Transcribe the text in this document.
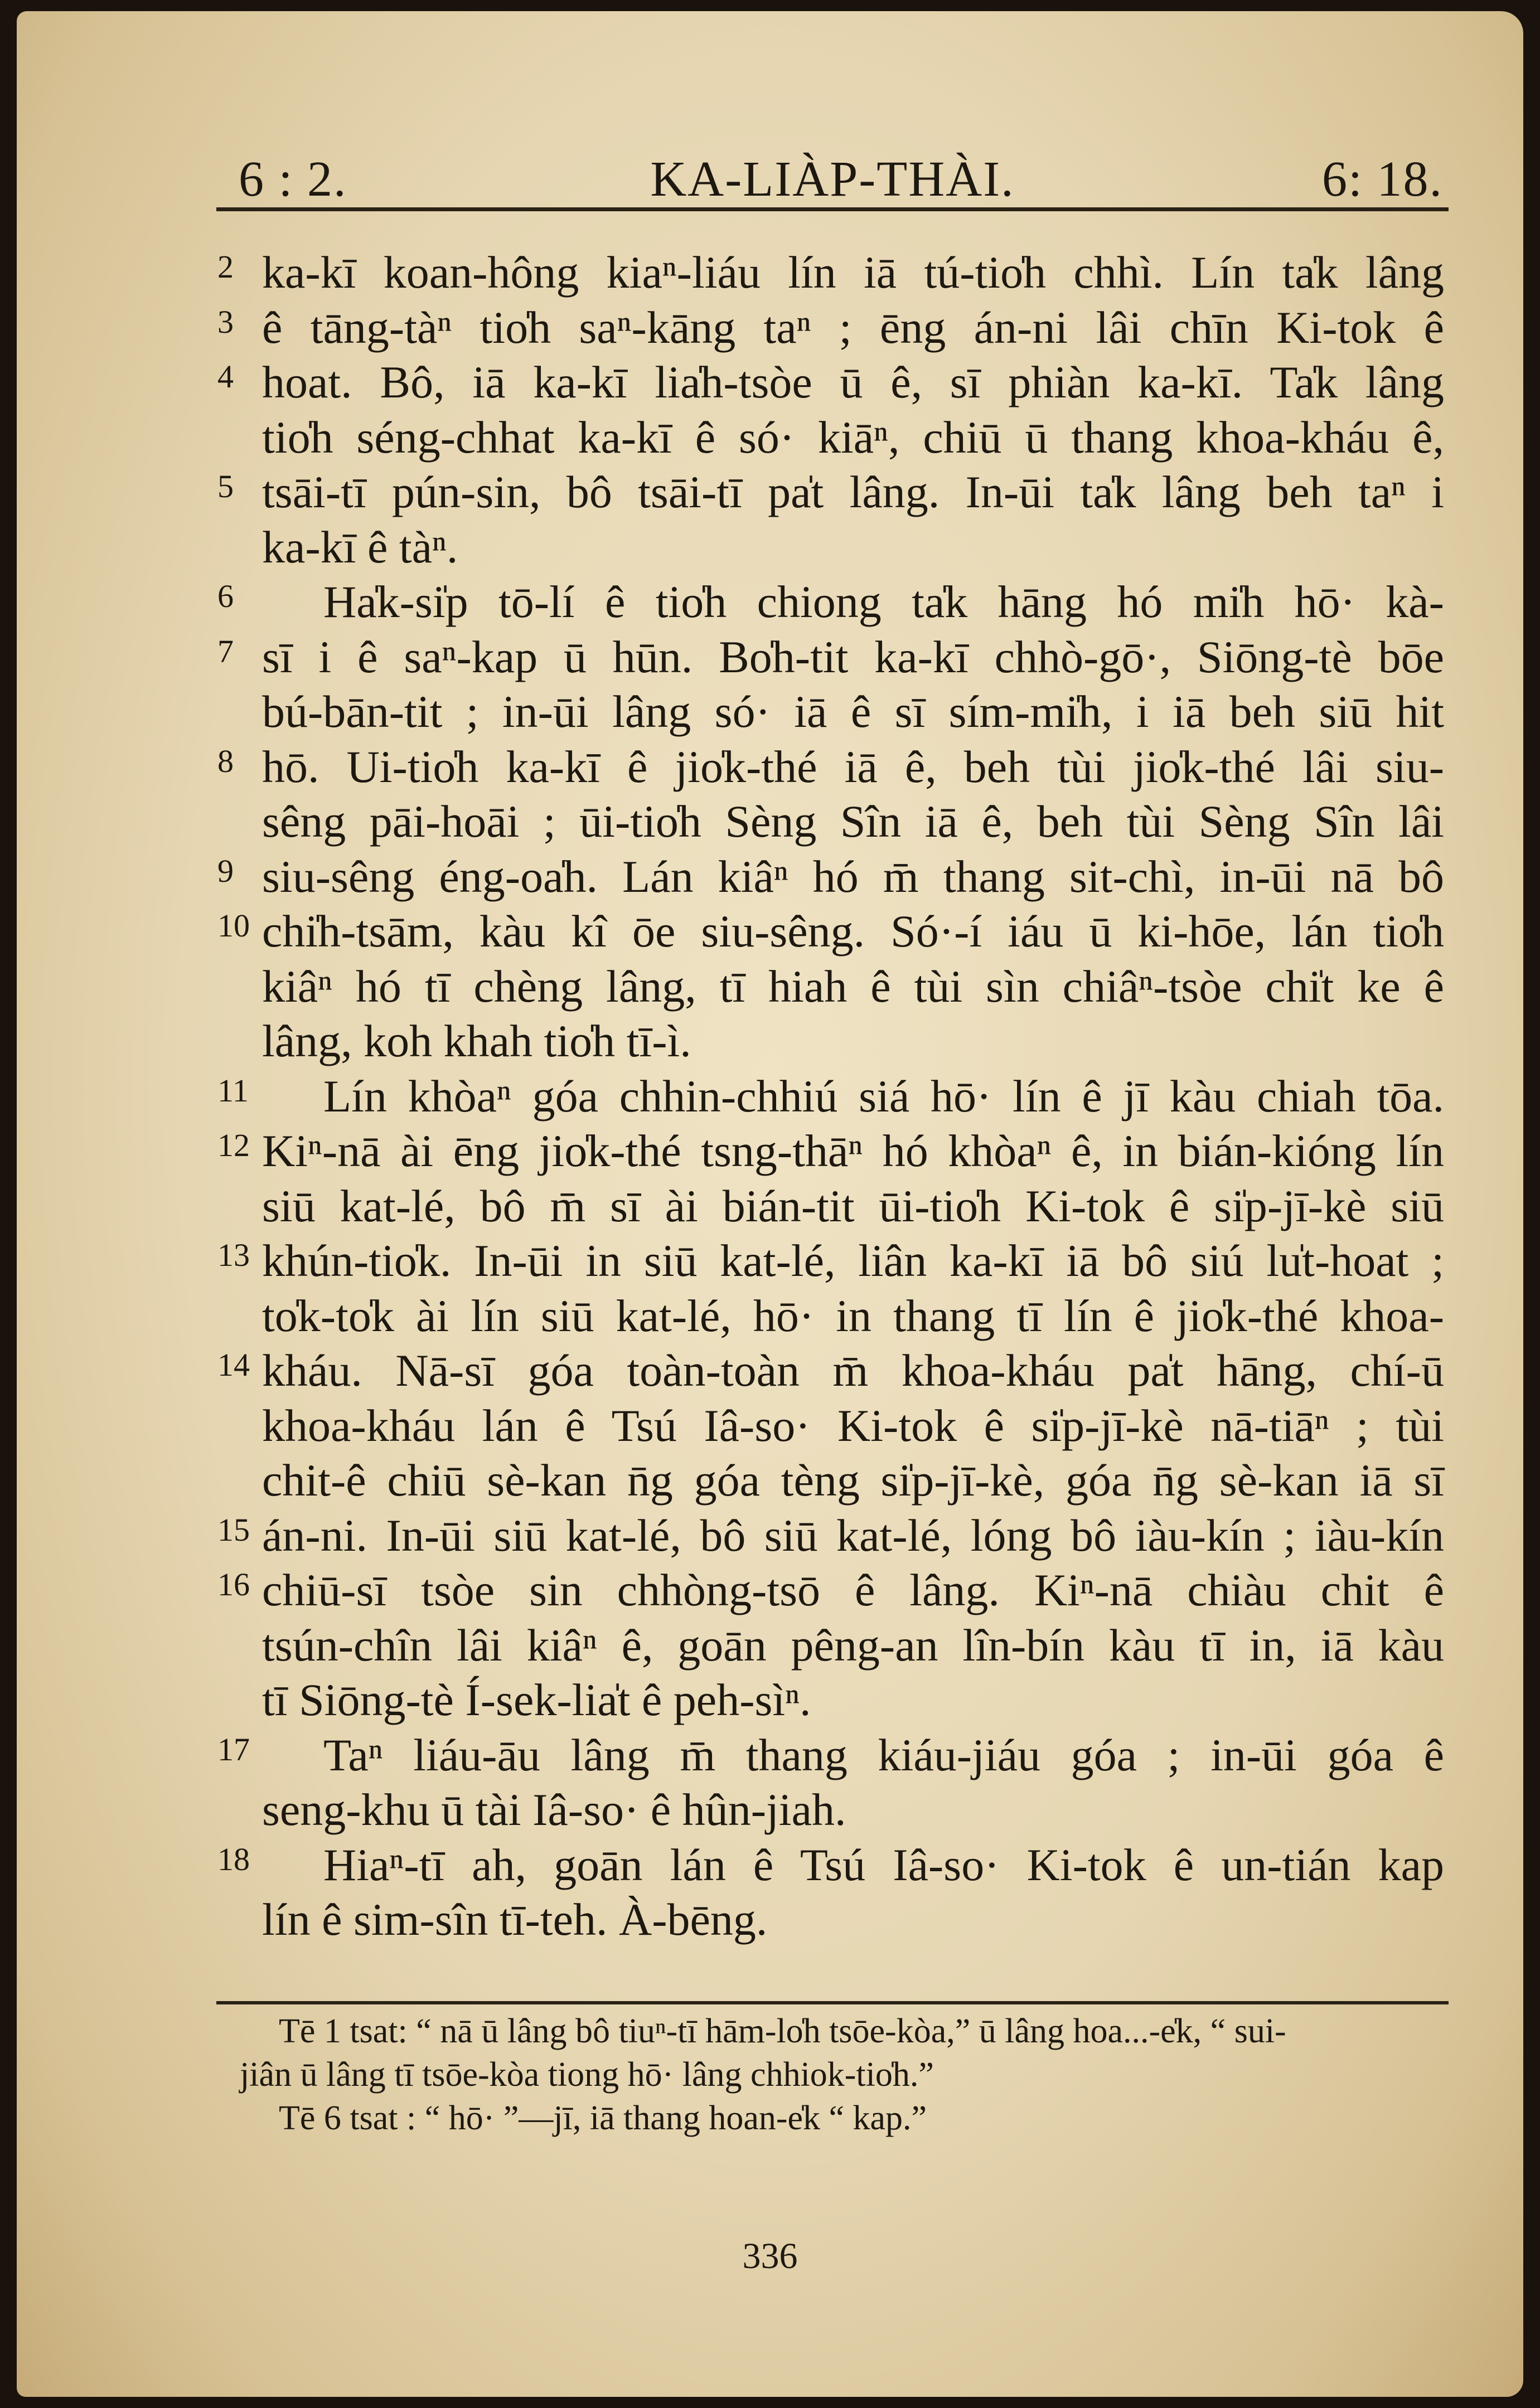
6 : 2.	KA-LIÀP-THÀI.	6: 18.
2 ka-kī koan-hông kiaⁿ-liáu lín iā tú-tio̍h chhì. Lín ta̍k lâng
3 ê tāng-tàⁿ tio̍h saⁿ-kāng taⁿ ; ēng án-ni lâi chīn Ki-tok ê
4 hoat. Bô, iā ka-kī lia̍h-tsòe ū ê, sī phiàn ka-kī. Ta̍k lâng
tio̍h séng-chhat ka-kī ê só· kiāⁿ, chiū ū thang khoa-kháu ê,
5 tsāi-tī pún-sin, bô tsāi-tī pa̍t lâng. In-ūi ta̍k lâng beh taⁿ i
ka-kī ê tàⁿ.
6	Ha̍k-si̍p tō-lí ê tio̍h chiong ta̍k hāng hó mi̍h hō· kà-
7 sī i ê saⁿ-kap ū hūn. Bo̍h-tit ka-kī chhò-gō·, Siōng-tè bōe
bú-bān-tit ; in-ūi lâng só· iā ê sī sím-mi̍h, i iā beh siū hit
8 hō. Ui-tio̍h ka-kī ê jio̍k-thé iā ê, beh tùi jio̍k-thé lâi siu-
sêng pāi-hoāi ; ūi-tio̍h Sèng Sîn iā ê, beh tùi Sèng Sîn lâi
9 siu-sêng éng-oa̍h. Lán kiâⁿ hó m̄ thang sit-chì, in-ūi nā bô
10 chi̍h-tsām, kàu kî ōe siu-sêng. Só·-í iáu ū ki-hōe, lán tio̍h
kiâⁿ hó tī chèng lâng, tī hiah ê tùi sìn chiâⁿ-tsòe chi̍t ke ê
lâng, koh khah tio̍h tī-ì.
11 Lín khòaⁿ góa chhin-chhiú siá hō· lín ê jī kàu chiah tōa.
12 Kiⁿ-nā ài ēng jio̍k-thé tsng-thāⁿ hó khòaⁿ ê, in bián-kióng lín
siū kat-lé, bô m̄ sī ài bián-tit ūi-tio̍h Ki-tok ê si̍p-jī-kè siū
13 khún-tio̍k. In-ūi in siū kat-lé, liân ka-kī iā bô siú lu̍t-hoat ;
to̍k-to̍k ài lín siū kat-lé, hō· in thang tī lín ê jio̍k-thé khoa-
14 kháu. Nā-sī góa toàn-toàn m̄ khoa-kháu pa̍t hāng, chí-ū
khoa-kháu lán ê Tsú Iâ-so· Ki-tok ê si̍p-jī-kè nā-tiāⁿ ; tùi
chit-ê chiū sè-kan n̄g góa tèng si̍p-jī-kè, góa n̄g sè-kan iā sī
15 án-ni. In-ūi siū kat-lé, bô siū kat-lé, lóng bô iàu-kín ; iàu-kín
16 chiū-sī tsòe sin chhòng-tsō ê lâng. Kiⁿ-nā chiàu chit ê
tsún-chîn lâi kiâⁿ ê, goān pêng-an lîn-bín kàu tī in, iā kàu
tī Siōng-tè Í-sek-lia̍t ê peh-sìⁿ.
17 Taⁿ liáu-āu lâng m̄ thang kiáu-jiáu góa ; in-ūi góa ê
seng-khu ū tài Iâ-so· ê hûn-jiah.
18 Hiaⁿ-tī ah, goān lán ê Tsú Iâ-so· Ki-tok ê un-tián kap
lín ê sim-sîn tī-teh. À-bēng.
Tē 1 tsat: “ nā ū lâng bô tiuⁿ-tī hām-lo̍h tsōe-kòa,” ū lâng hoa...-e̍k, “ sui-
jiân ū lâng tī tsōe-kòa tiong hō· lâng chhiok-tio̍h.”
Tē 6 tsat : “ hō· ”—jī, iā thang hoan-e̍k “ kap.”
336
